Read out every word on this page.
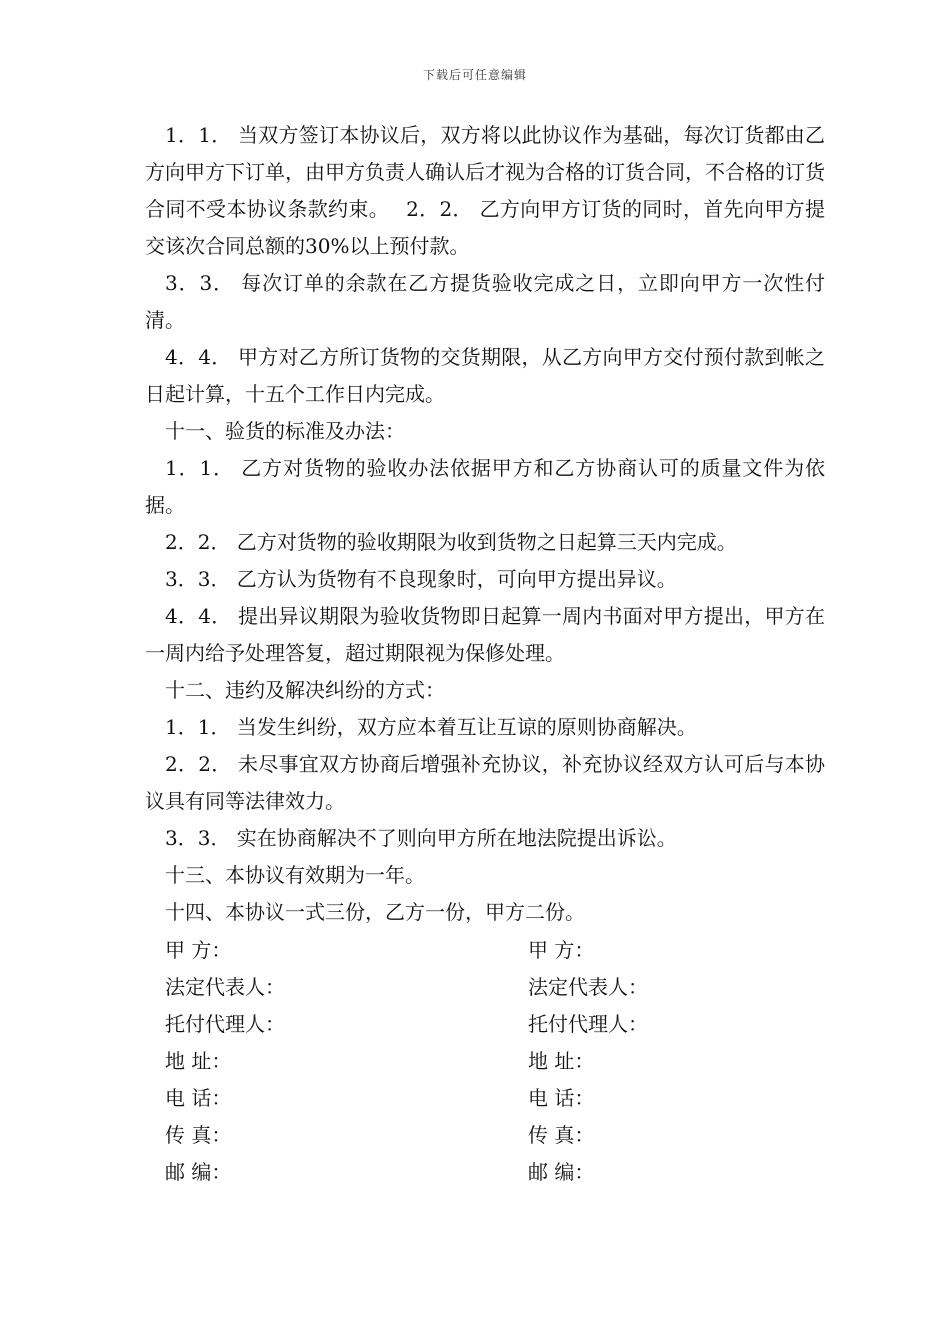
下载后可任意编辑

1．1． 当双方签订本协议后，双方将以此协议作为基础，每次订货都由乙方向甲方下订单，由甲方负责人确认后才视为合格的订货合同，不合格的订货合同不受本协议条款约束。　 2．2． 乙方向甲方订货的同时，首先向甲方提交该次合同总额的30%以上预付款。

3．3． 每次订单的余款在乙方提货验收完成之日，立即向甲方一次性付清。

4．4． 甲方对乙方所订货物的交货期限，从乙方向甲方交付预付款到帐之日起计算，十五个工作日内完成。

十一、验货的标准及办法：

1．1． 乙方对货物的验收办法依据甲方和乙方协商认可的质量文件为依据。

2．2． 乙方对货物的验收期限为收到货物之日起算三天内完成。

3．3． 乙方认为货物有不良现象时，可向甲方提出异议。

4．4． 提出异议期限为验收货物即日起算一周内书面对甲方提出，甲方在一周内给予处理答复，超过期限视为保修处理。

十二、违约及解决纠纷的方式：

1．1． 当发生纠纷，双方应本着互让互谅的原则协商解决。

2．2． 未尽事宜双方协商后增强补充协议，补充协议经双方认可后与本协议具有同等法律效力。

3．3． 实在协商解决不了则向甲方所在地法院提出诉讼。

十三、本协议有效期为一年。

十四、本协议一式三份，乙方一份，甲方二份。

甲 方：	甲 方：
法定代表人：	法定代表人：
托付代理人：	托付代理人：
地 址：	地 址：
电 话：	电 话：
传 真：	传 真：
邮 编：	邮 编：
